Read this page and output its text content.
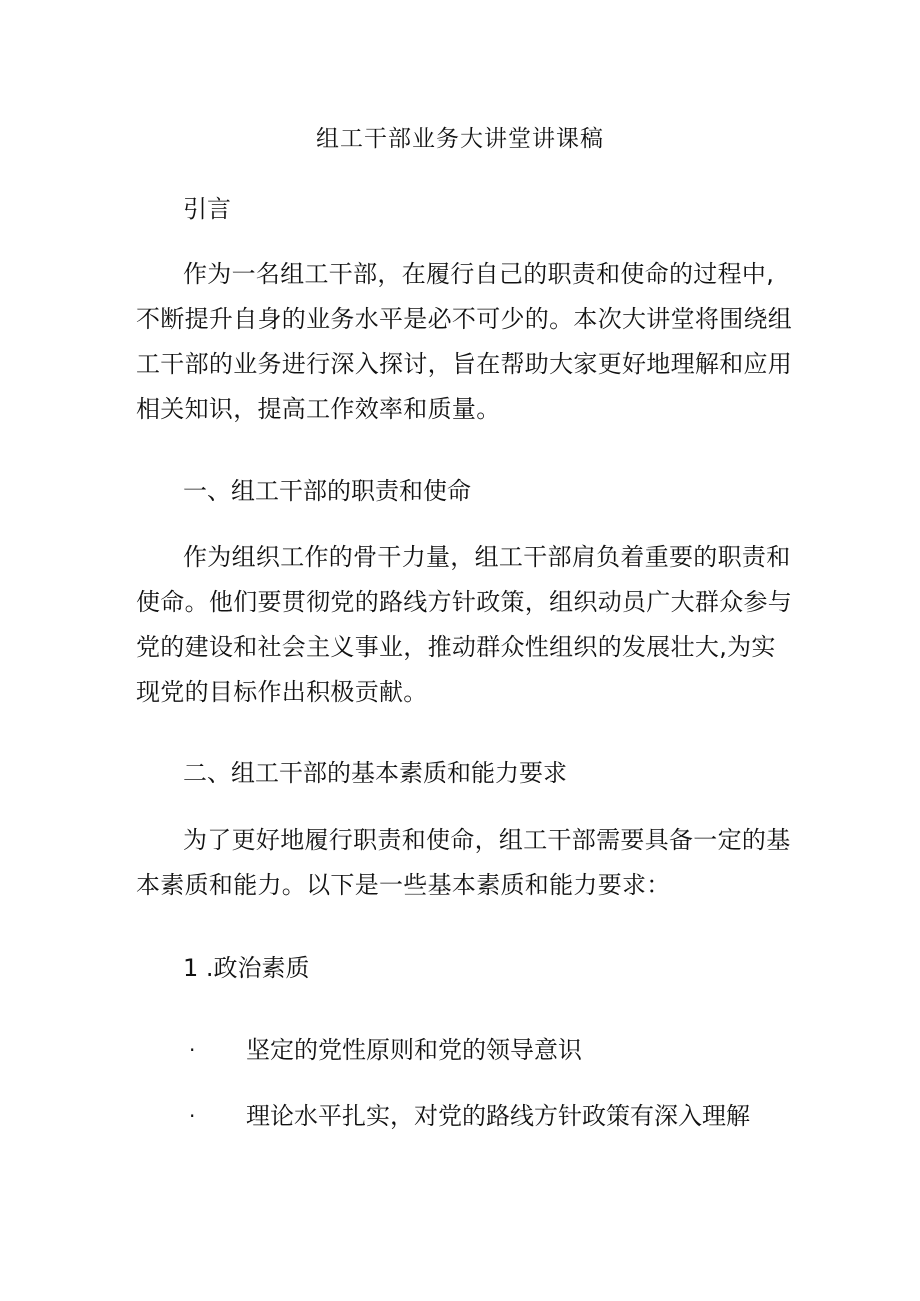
组工干部业务大讲堂讲课稿
引言

作为一名组工干部，在履行自己的职责和使命的过程中,不断提升自身的业务水平是必不可少的。本次大讲堂将围绕组工干部的业务进行深入探讨，旨在帮助大家更好地理解和应用相关知识，提高工作效率和质量。

一、组工干部的职责和使命

作为组织工作的骨干力量，组工干部肩负着重要的职责和使命。他们要贯彻党的路线方针政策，组织动员广大群众参与党的建设和社会主义事业，推动群众性组织的发展壮大,为实现党的目标作出积极贡献。

二、组工干部的基本素质和能力要求

为了更好地履行职责和使命，组工干部需要具备一定的基本素质和能力。以下是一些基本素质和能力要求：

1 .政治素质
· 坚定的党性原则和党的领导意识
· 理论水平扎实，对党的路线方针政策有深入理解
